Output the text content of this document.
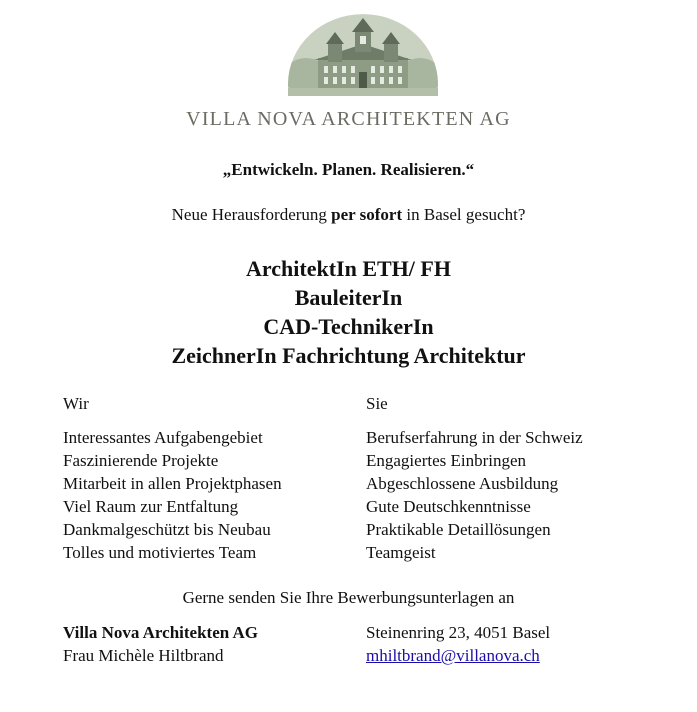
VILLA NOVA ARCHITEKTEN AG
„Entwickeln. Planen. Realisieren.“
Neue Herausforderung per sofort in Basel gesucht?
ArchitektIn ETH/ FH
BauleiterIn
CAD-TechnikerIn
ZeichnerIn Fachrichtung Architektur
Wir	Sie
Interessantes Aufgabengebiet
Faszinierende Projekte
Mitarbeit in allen Projektphasen
Viel Raum zur Entfaltung
Dankmalgeschützt bis Neubau
Tolles und motiviertes Team
Berufserfahrung in der Schweiz
Engagiertes Einbringen
Abgeschlossene Ausbildung
Gute Deutschkenntnisse
Praktikable Detaillösungen
Teamgeist
Gerne senden Sie Ihre Bewerbungsunterlagen an
Villa Nova Architekten AG
Frau Michèle Hiltbrand
Steinenring 23, 4051 Basel
mhiltbrand@villanova.ch
